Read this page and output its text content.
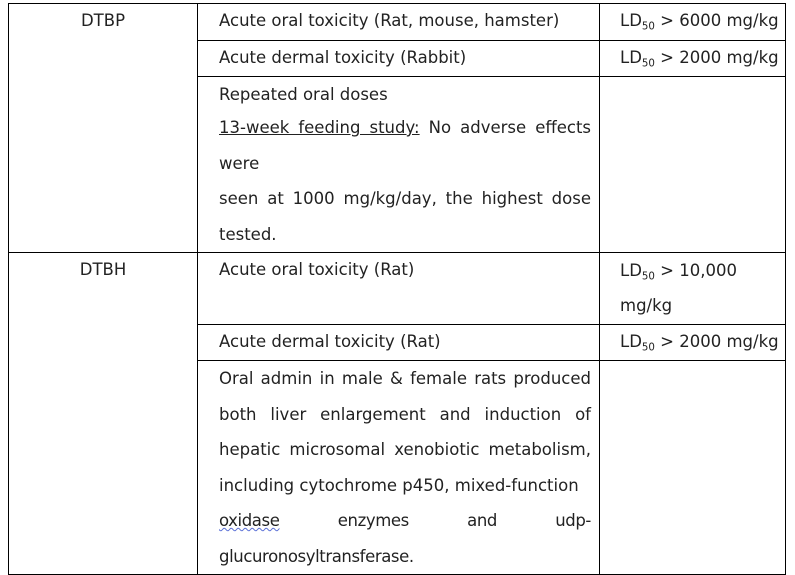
DTBP	Acute oral toxicity (Rat, mouse, hamster)	$LD_{50} > 6000$ mg/kg
	Acute dermal toxicity (Rabbit)	$LD_{50} > 2000$ mg/kg

	Repeated oral doses
13-week feeding study: No adverse effects were
seen at 1000 mg/kg/day, the highest dose
tested.	

DTBH	Acute oral toxicity (Rat)	$LD_{50} > 10,000$
mg/kg
	Acute dermal toxicity (Rat)	$LD_{50} > 2000$ mg/kg

	Oral admin in male & female rats produced
both liver enlargement and induction of
hepatic microsomal xenobiotic metabolism,
including cytochrome p450, mixed-function
oxidase enzymes and udp-glucuronosyltransferase.	
